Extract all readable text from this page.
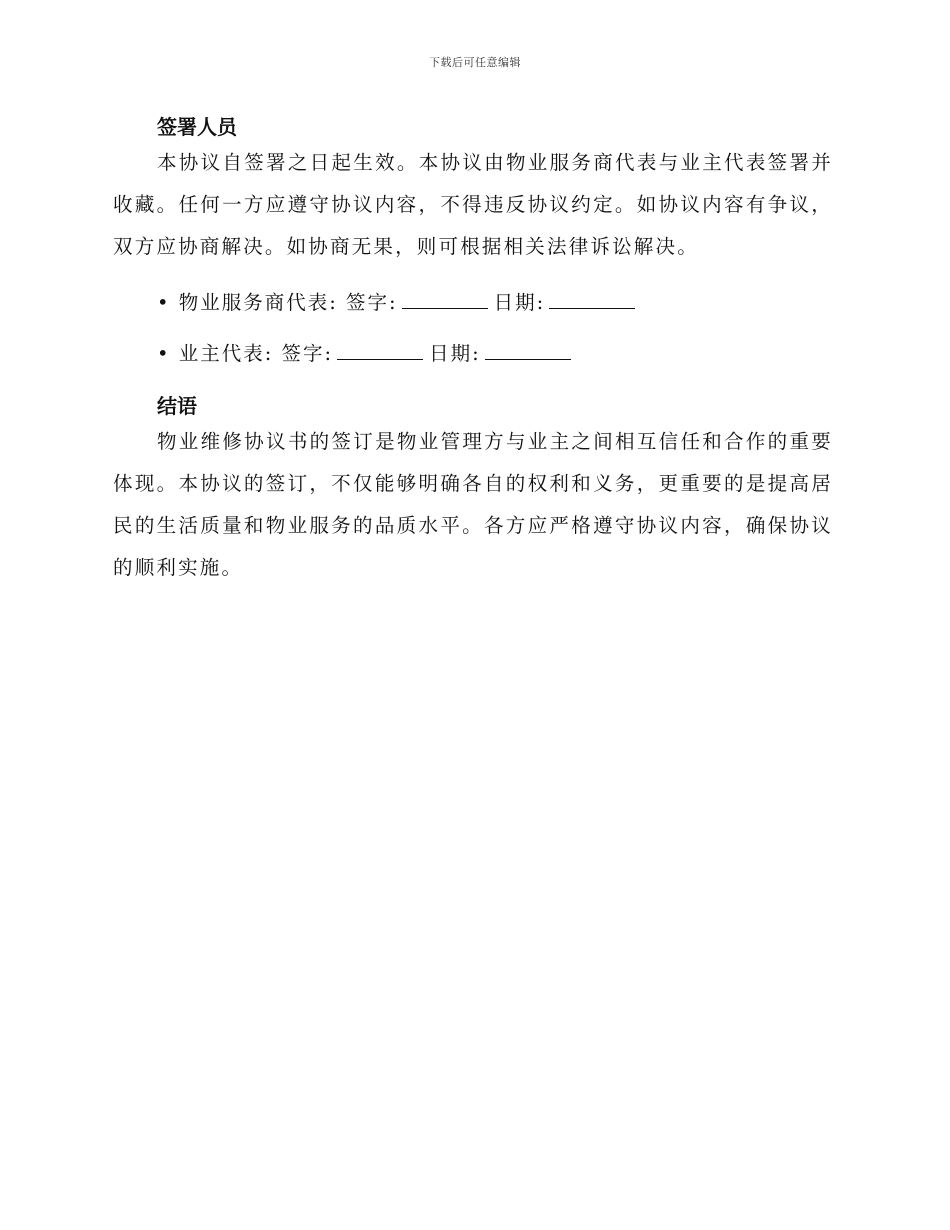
下载后可任意编辑
签署人员

本协议自签署之日起生效。本协议由物业服务商代表与业主代表签署并收藏。任何一方应遵守协议内容，不得违反协议约定。如协议内容有争议，双方应协商解决。如协商无果，则可根据相关法律诉讼解决。

• 物业服务商代表: 签字:	日期:
• 业主代表: 签字:	日期:
结语

物业维修协议书的签订是物业管理方与业主之间相互信任和合作的重要体现。本协议的签订，不仅能够明确各自的权利和义务，更重要的是提高居民的生活质量和物业服务的品质水平。各方应严格遵守协议内容，确保协议的顺利实施。
